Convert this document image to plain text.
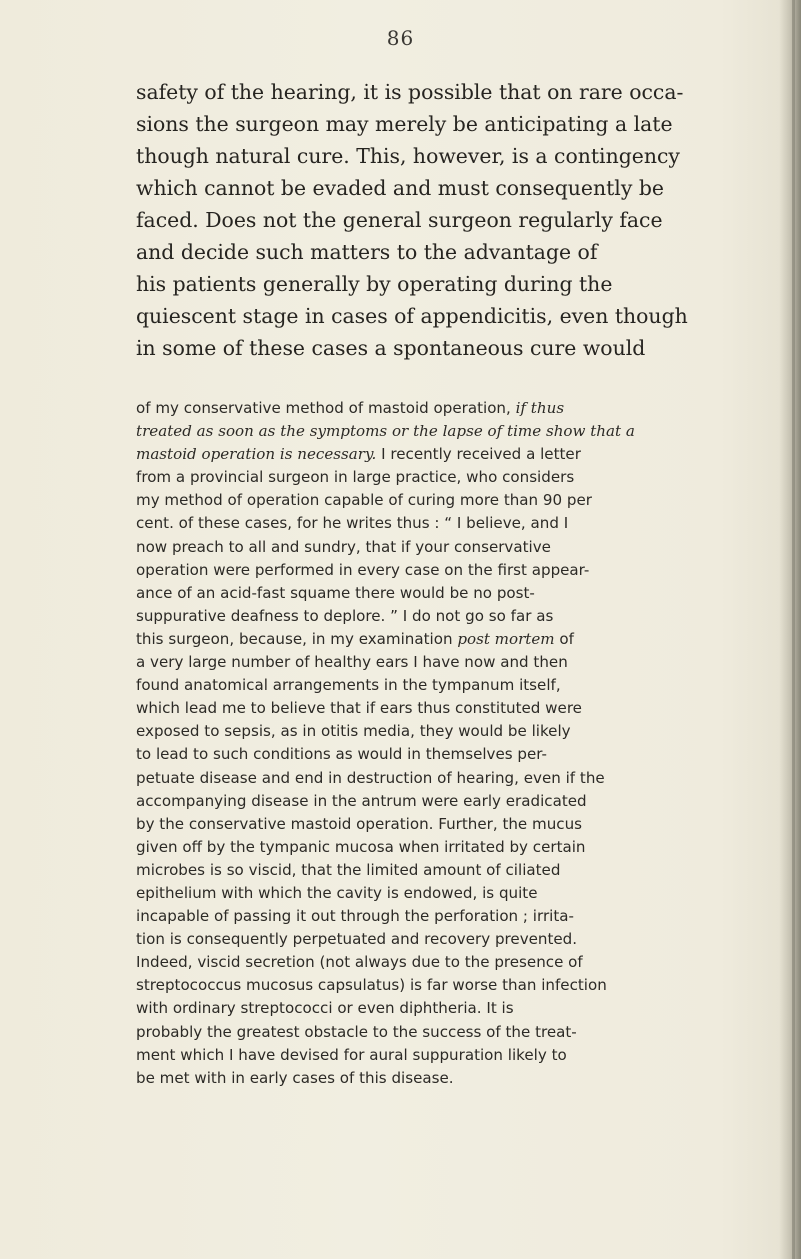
86
safety of the hearing, it is possible that on rare occa-
sions the surgeon may merely be anticipating a late
though natural cure. This, however, is a contingency
which cannot be evaded and must consequently be
faced. Does not the general surgeon regularly face
and decide such matters to the advantage of
his patients generally by operating during the
quiescent stage in cases of appendicitis, even though
in some of these cases a spontaneous cure would
of my conservative method of mastoid operation, if thus
treated as soon as the symptoms or the lapse of time show that a
mastoid operation is necessary. I recently received a letter
from a provincial surgeon in large practice, who considers
my method of operation capable of curing more than 90 per
cent. of these cases, for he writes thus : “ I believe, and I
now preach to all and sundry, that if your conservative
operation were performed in every case on the first appear-
ance of an acid-fast squame there would be no post-
suppurative deafness to deplore. ” I do not go so far as
this surgeon, because, in my examination post mortem of
a very large number of healthy ears I have now and then
found anatomical arrangements in the tympanum itself,
which lead me to believe that if ears thus constituted were
exposed to sepsis, as in otitis media, they would be likely
to lead to such conditions as would in themselves per-
petuate disease and end in destruction of hearing, even if the
accompanying disease in the antrum were early eradicated
by the conservative mastoid operation. Further, the mucus
given off by the tympanic mucosa when irritated by certain
microbes is so viscid, that the limited amount of ciliated
epithelium with which the cavity is endowed, is quite
incapable of passing it out through the perforation ; irrita-
tion is consequently perpetuated and recovery prevented.
Indeed, viscid secretion (not always due to the presence of
streptococcus mucosus capsulatus) is far worse than infection
with ordinary streptococci or even diphtheria. It is
probably the greatest obstacle to the success of the treat-
ment which I have devised for aural suppuration likely to
be met with in early cases of this disease.
